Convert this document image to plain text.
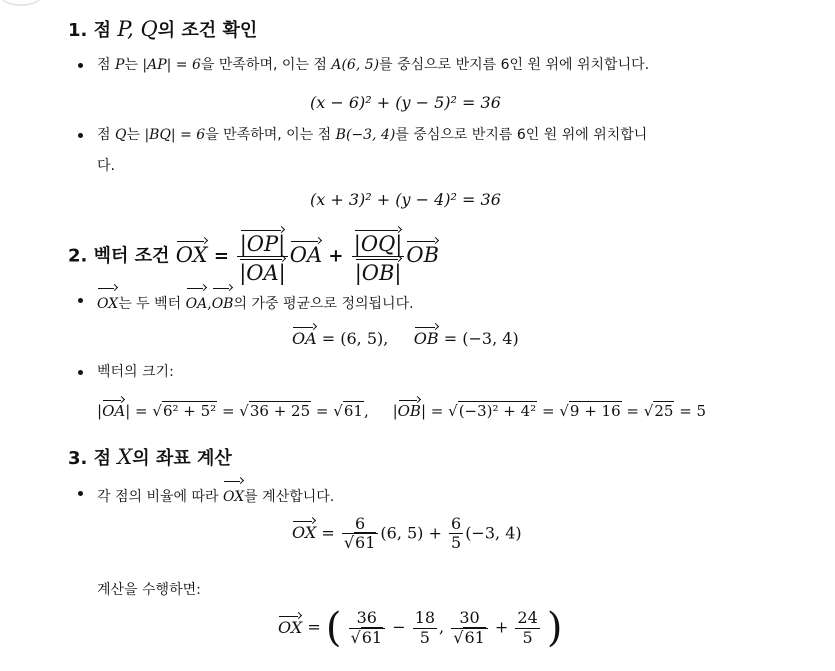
1. 점 P, Q의 조건 확인
점 P는 |AP| = 6을 만족하며, 이는 점 A(6, 5)를 중심으로 반지름 6인 원 위에 위치합니다.
(x − 6)² + (y − 5)² = 36
점 Q는 |BQ| = 6을 만족하며, 이는 점 B(−3, 4)를 중심으로 반지름 6인 원 위에 위치합니
다.
(x + 3)² + (y − 4)² = 36
2. 벡터 조건 OX = $\frac{|OP|}{|OA|}$ OA + $\frac{|OQ|}{|OB|}$ OB
OX는 두 벡터 OA,OB의 가중 평균으로 정의됩니다.
OA = (6, 5), OB = (−3, 4)
벡터의 크기:
|OA| = √6² + 5² = √36 + 25 = √61, |OB| = √(−3)² + 4² = √9 + 16 = √25 = 5
3. 점 X의 좌표 계산
각 점의 비율에 따라 OX를 계산합니다.
OX = $\frac{6}{√61} (6$, $5) + \frac{6}{5} (-3$, 4)
계산을 수행하면:
OX = ( $\frac{36}{√61} - \frac{18}{5}$ , $\frac{30}{√61} + \frac{24}{5}$ )
